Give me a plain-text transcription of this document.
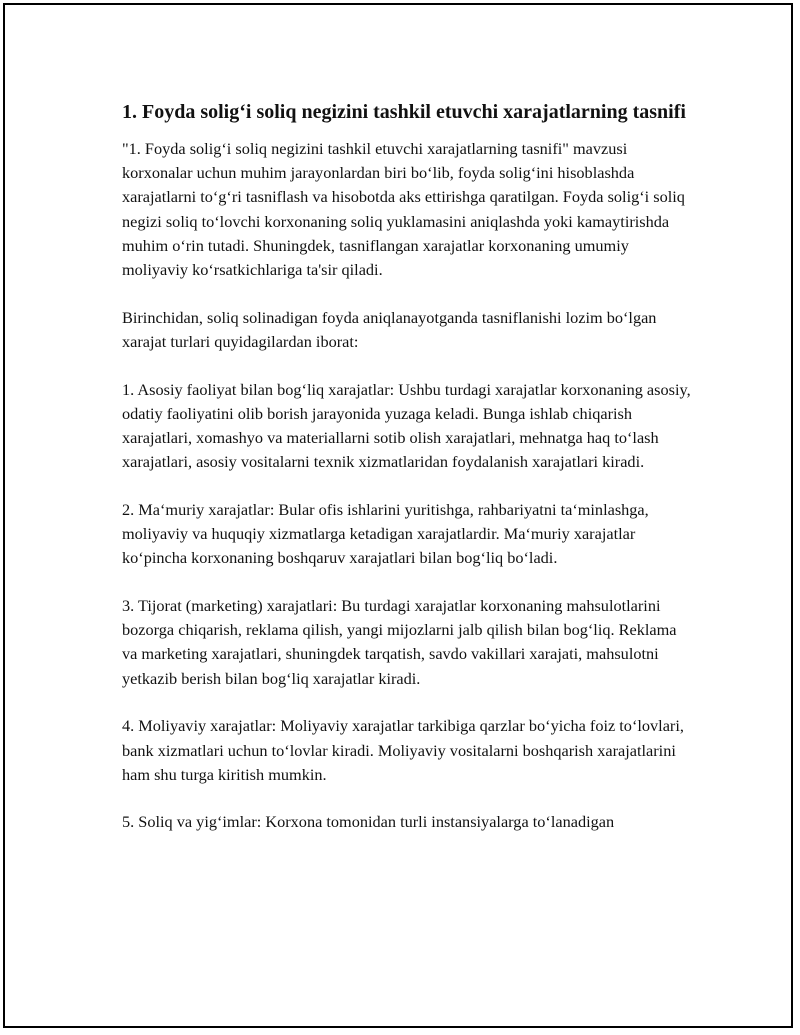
1. Foyda solig‘i soliq negizini tashkil etuvchi xarajatlarning tasnifi

"1. Foyda solig‘i soliq negizini tashkil etuvchi xarajatlarning tasnifi" mavzusi korxonalar uchun muhim jarayonlardan biri bo‘lib, foyda solig‘ini hisoblashda xarajatlarni to‘g‘ri tasniflash va hisobotda aks ettirishga qaratilgan. Foyda solig‘i soliq negizi soliq to‘lovchi korxonaning soliq yuklamasini aniqlashda yoki kamaytirishda muhim o‘rin tutadi. Shuningdek, tasniflangan xarajatlar korxonaning umumiy moliyaviy ko‘rsatkichlariga ta'sir qiladi.

Birinchidan, soliq solinadigan foyda aniqlanayotganda tasniflanishi lozim bo‘lgan xarajat turlari quyidagilardan iborat:

1. Asosiy faoliyat bilan bog‘liq xarajatlar: Ushbu turdagi xarajatlar korxonaning asosiy, odatiy faoliyatini olib borish jarayonida yuzaga keladi. Bunga ishlab chiqarish xarajatlari, xomashyo va materiallarni sotib olish xarajatlari, mehnatga haq to‘lash xarajatlari, asosiy vositalarni texnik xizmatlaridan foydalanish xarajatlari kiradi.

2. Ma‘muriy xarajatlar: Bular ofis ishlarini yuritishga, rahbariyatni ta‘minlashga, moliyaviy va huquqiy xizmatlarga ketadigan xarajatlardir. Ma‘muriy xarajatlar ko‘pincha korxonaning boshqaruv xarajatlari bilan bog‘liq bo‘ladi.

3. Tijorat (marketing) xarajatlari: Bu turdagi xarajatlar korxonaning mahsulotlarini bozorga chiqarish, reklama qilish, yangi mijozlarni jalb qilish bilan bog‘liq. Reklama va marketing xarajatlari, shuningdek tarqatish, savdo vakillari xarajati, mahsulotni yetkazib berish bilan bog‘liq xarajatlar kiradi.

4. Moliyaviy xarajatlar: Moliyaviy xarajatlar tarkibiga qarzlar bo‘yicha foiz to‘lovlari, bank xizmatlari uchun to‘lovlar kiradi. Moliyaviy vositalarni boshqarish xarajatlarini ham shu turga kiritish mumkin.

5. Soliq va yig‘imlar: Korxona tomonidan turli instansiyalarga to‘lanadigan
